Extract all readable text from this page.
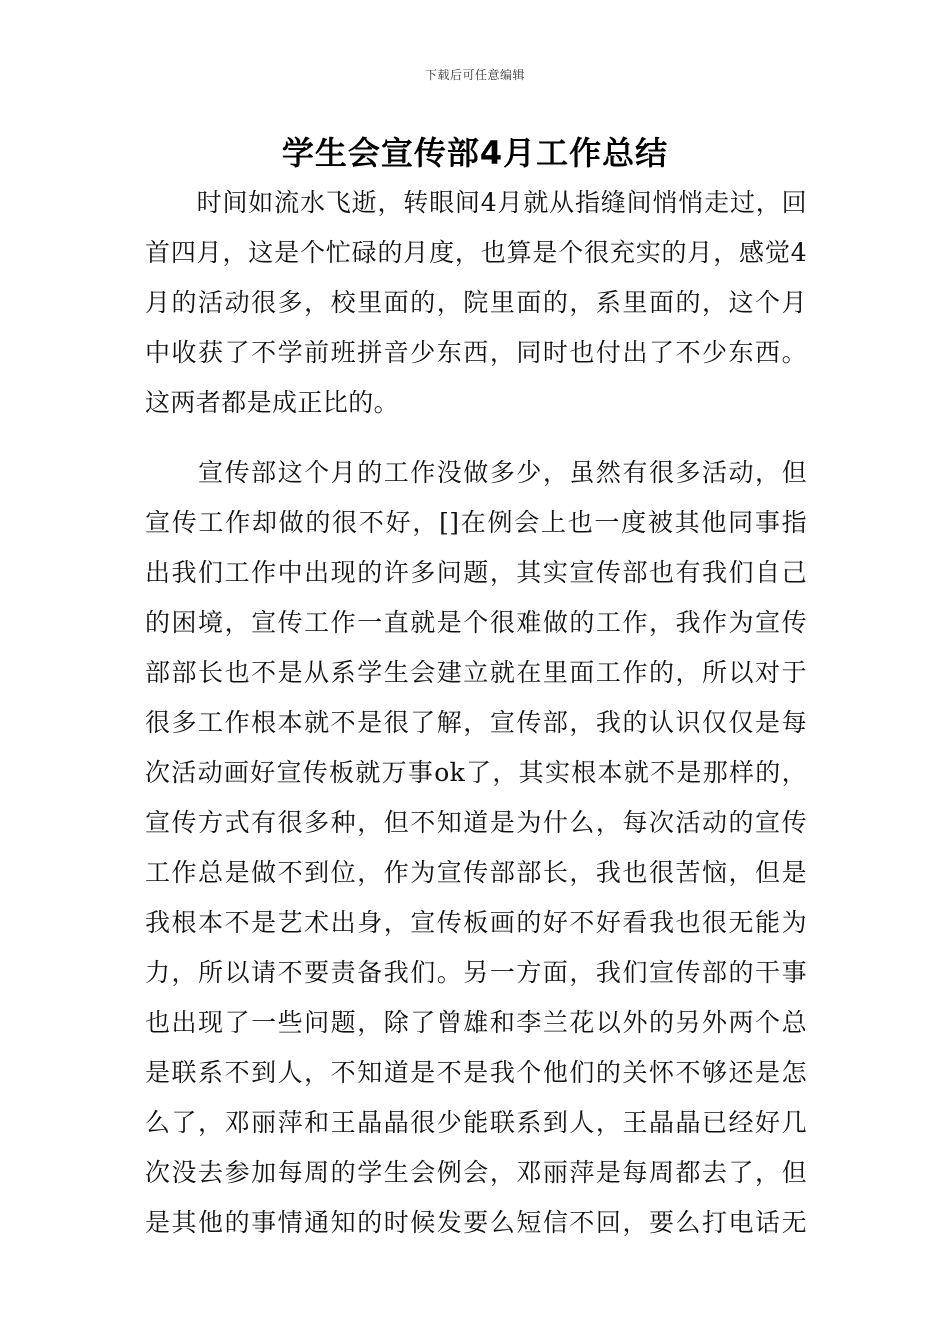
下载后可任意编辑
学生会宣传部4月工作总结
　　时间如流水飞逝，转眼间4月就从指缝间悄悄走过，回
首四月，这是个忙碌的月度，也算是个很充实的月，感觉4
月的活动很多，校里面的，院里面的，系里面的，这个月
中收获了不学前班拼音少东西，同时也付出了不少东西。
这两者都是成正比的。
　　宣传部这个月的工作没做多少，虽然有很多活动，但
宣传工作却做的很不好，[]在例会上也一度被其他同事指
出我们工作中出现的许多问题，其实宣传部也有我们自己
的困境，宣传工作一直就是个很难做的工作，我作为宣传
部部长也不是从系学生会建立就在里面工作的，所以对于
很多工作根本就不是很了解，宣传部，我的认识仅仅是每
次活动画好宣传板就万事ok了，其实根本就不是那样的，
宣传方式有很多种，但不知道是为什么，每次活动的宣传
工作总是做不到位，作为宣传部部长，我也很苦恼，但是
我根本不是艺术出身，宣传板画的好不好看我也很无能为
力，所以请不要责备我们。另一方面，我们宣传部的干事
也出现了一些问题，除了曾雄和李兰花以外的另外两个总
是联系不到人，不知道是不是我个他们的关怀不够还是怎
么了，邓丽萍和王晶晶很少能联系到人，王晶晶已经好几
次没去参加每周的学生会例会，邓丽萍是每周都去了，但
是其他的事情通知的时候发要么短信不回，要么打电话无
